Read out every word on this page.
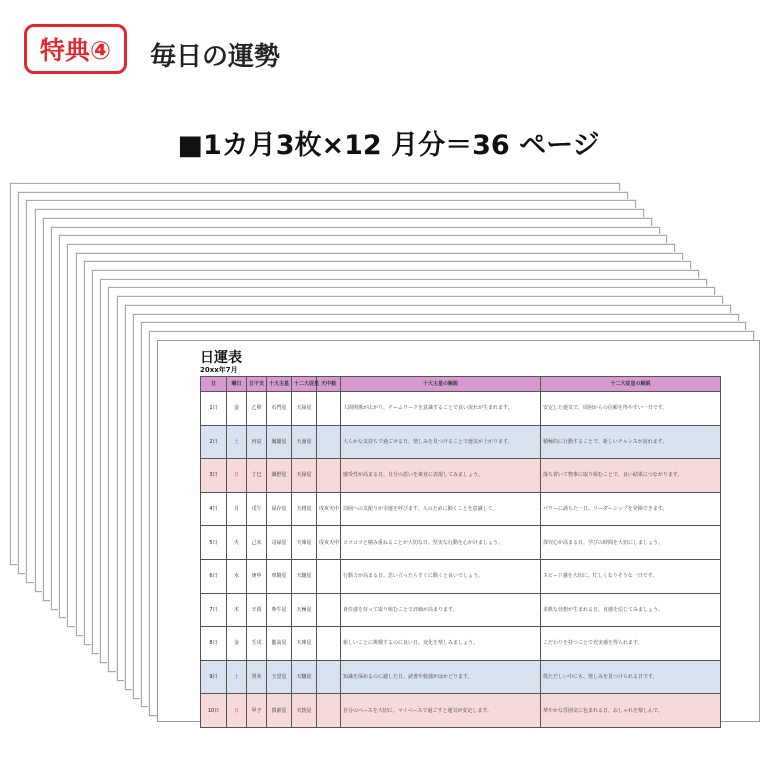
特典④ 毎日の運勢
■1カ月3枚×12 月分＝36 ページ
日運表
20xx年7月
日	曜日	日干支	十大主星	十二大従星	天中殺	十大主星の解説	十二大従星の解説
1日	金	乙卯	石門星	天禄星		人間関係が広がり、チームワークを意識することで良い流れが生まれます。	安定した運気で、周囲からの信頼を得やすい一日です。
2日	土	丙辰	鳳閣星	天南星		大らかな気持ちで過ごせる日。楽しみを見つけることで運気が上がります。	積極的に行動することで、新しいチャンスが訪れます。
3日	日	丁巳	調舒星	天禄星		感受性が高まる日。自分の思いを素直に表現してみましょう。	落ち着いて物事に取り組むことで、良い結果につながります。
4日	月	戊午	禄存星	天将星	戌亥天中	周囲への気配りが幸運を呼びます。人のために動くことを意識して。	パワーに満ちた一日。リーダーシップを発揮できます。
5日	火	己未	司禄星	天庫星	戌亥天中	コツコツと積み重ねることが大切な日。堅実な行動を心がけましょう。	探究心が高まる日。学びの時間を大切にしましょう。
6日	水	庚申	車騎星	天馳星		行動力が高まる日。思い立ったらすぐに動くと良いでしょう。	スピード感を大切に。忙しくなりそうな一日です。
7日	木	辛酉	牽牛星	天極星		責任感を持って取り組むことで評価が高まります。	柔軟な発想が生まれる日。直感を信じてみましょう。
8日	金	壬戌	龍高星	天庫星		新しいことに挑戦するのに良い日。変化を楽しみましょう。	こだわりを持つことで充実感を得られます。
9日	土	癸亥	玉堂星	天馳星		知識を深めるのに適した日。読書や勉強がはかどります。	慌ただしい中にも、楽しみを見つけられる日です。
10日	日	甲子	貫索星	天恍星		自分のペースを大切に。マイペースで過ごすと運気が安定します。	華やかな雰囲気に包まれる日。おしゃれを楽しんで。
